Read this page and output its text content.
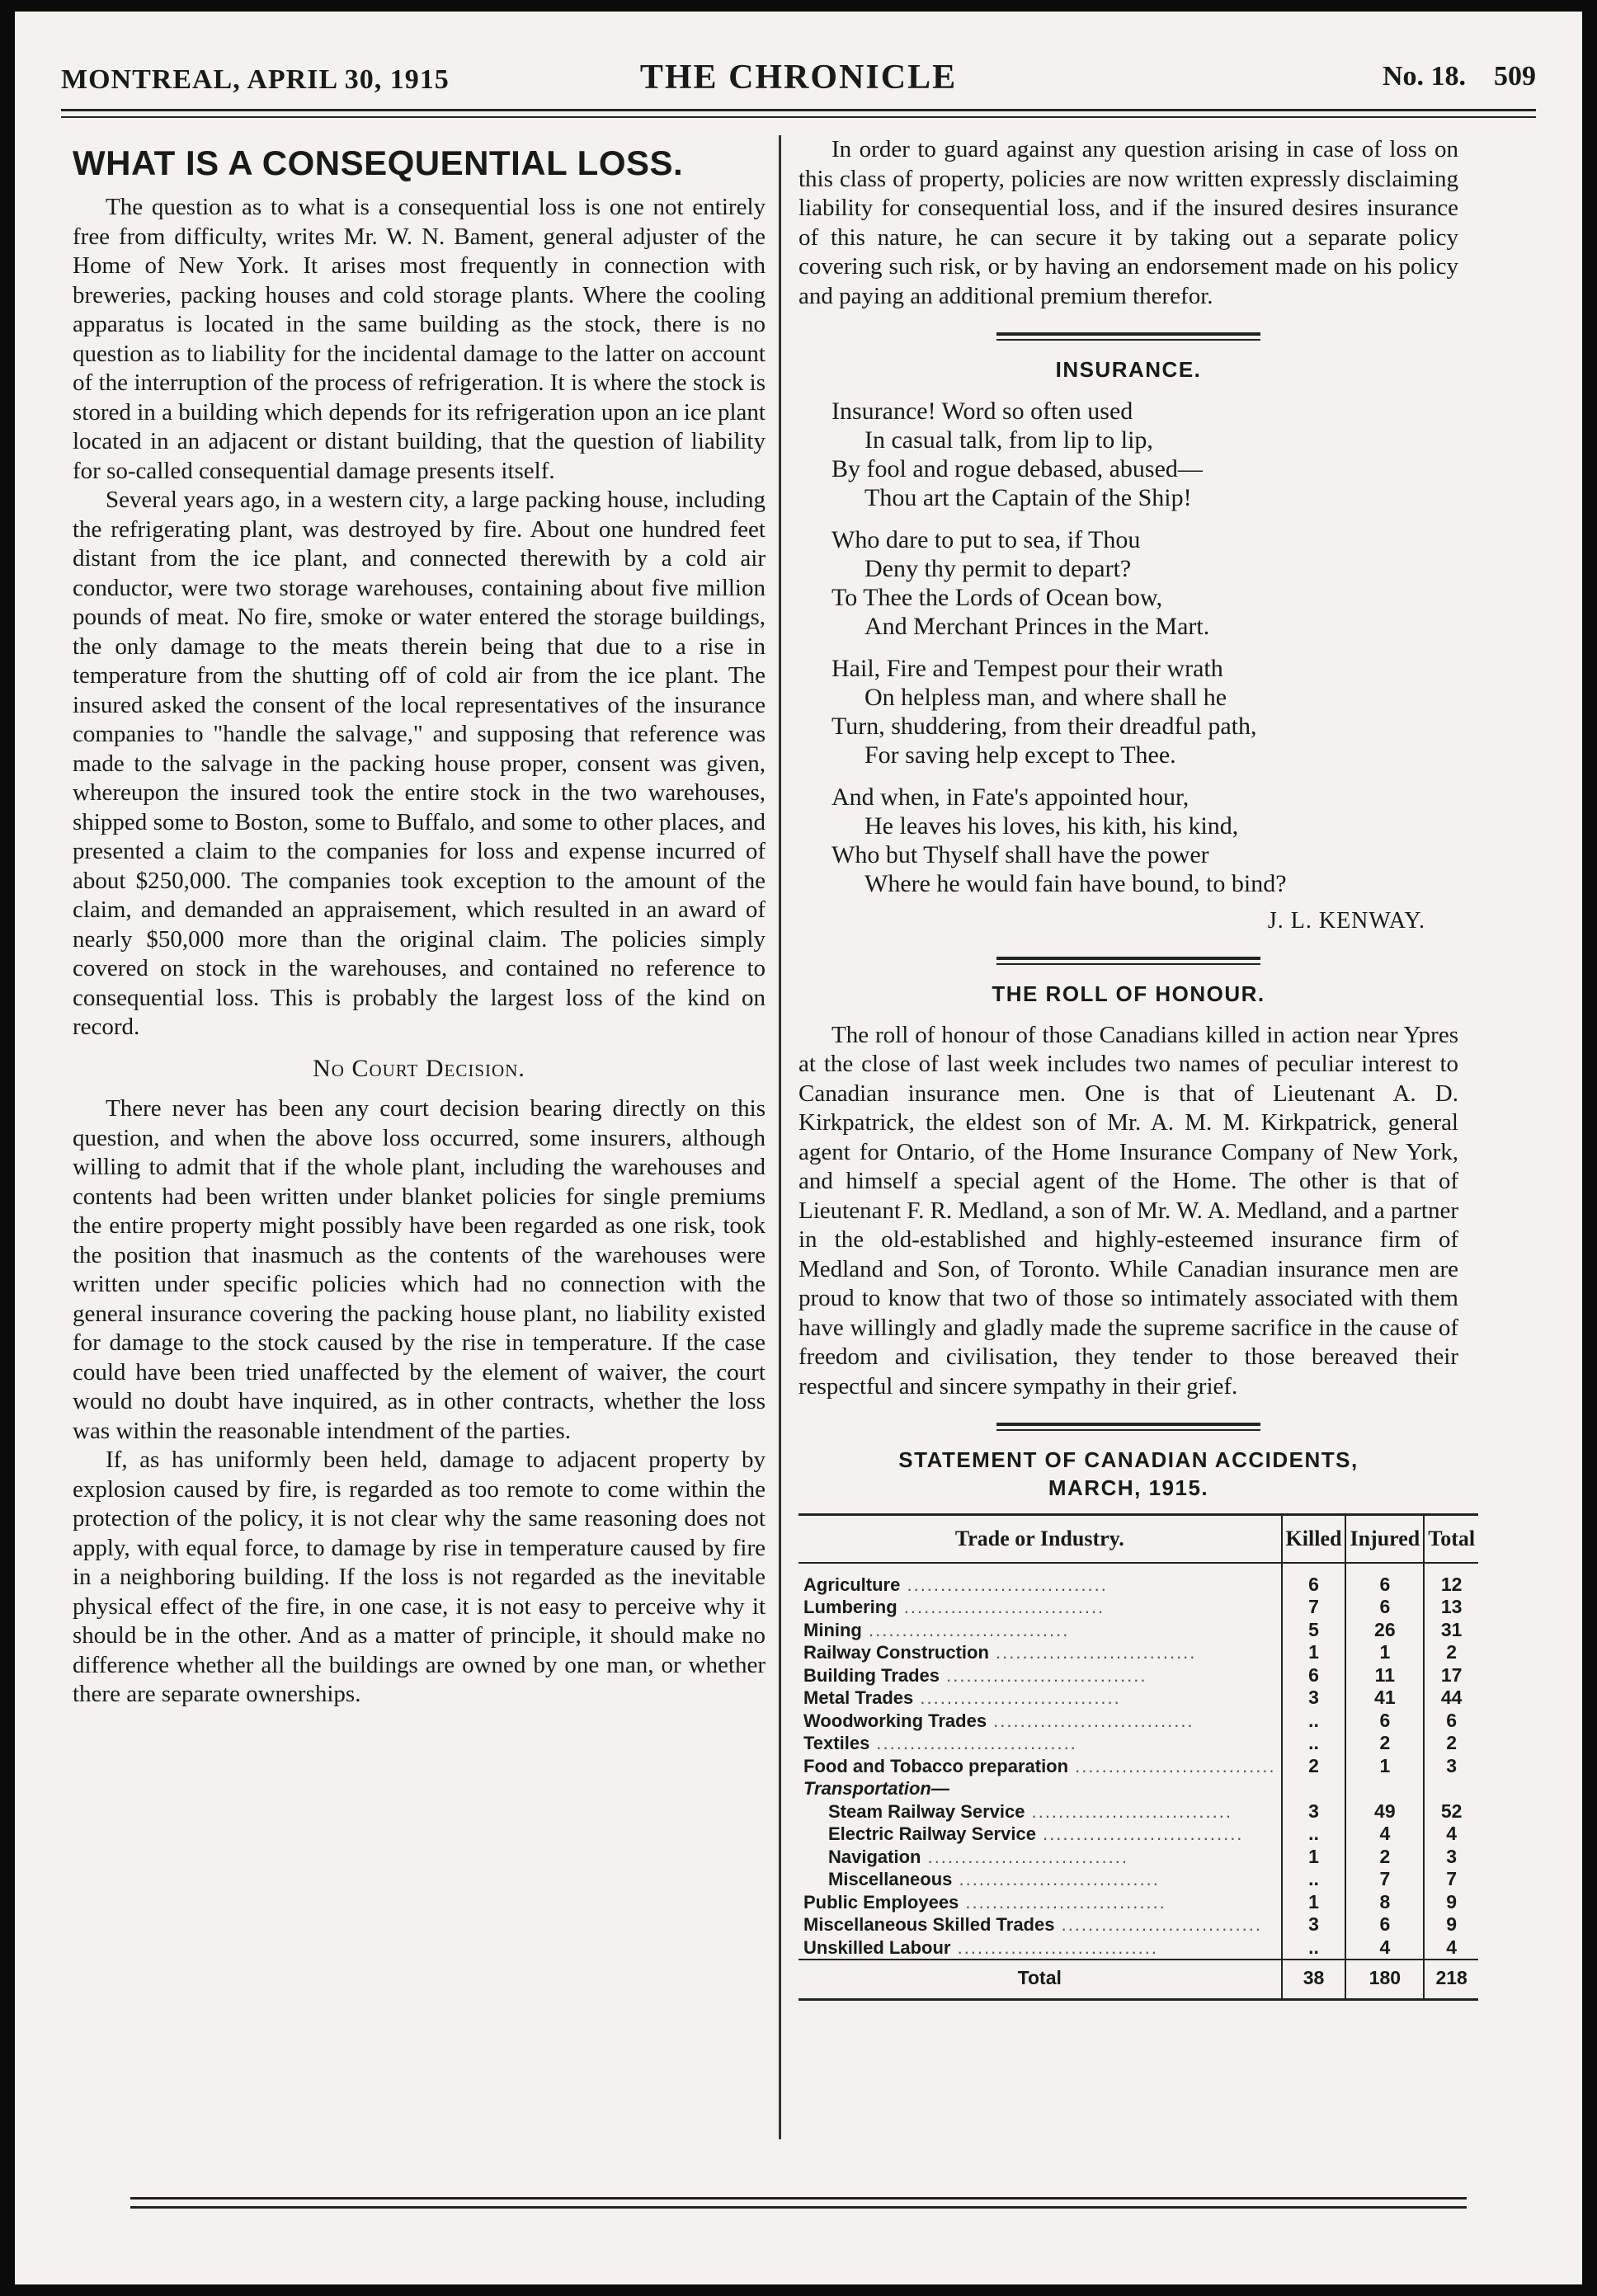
MONTREAL, APRIL 30, 1915	THE CHRONICLE	No. 18. 509
WHAT IS A CONSEQUENTIAL LOSS.

The question as to what is a consequential loss is one not entirely free from difficulty, writes Mr. W. N. Bament, general adjuster of the Home of New York. It arises most frequently in connection with breweries, packing houses and cold storage plants. Where the cooling apparatus is located in the same building as the stock, there is no question as to liability for the incidental damage to the latter on account of the interruption of the process of refrigeration. It is where the stock is stored in a building which depends for its refrigeration upon an ice plant located in an adjacent or distant building, that the question of liability for so-called consequential damage presents itself.

Several years ago, in a western city, a large packing house, including the refrigerating plant, was destroyed by fire. About one hundred feet distant from the ice plant, and connected therewith by a cold air conductor, were two storage warehouses, containing about five million pounds of meat. No fire, smoke or water entered the storage buildings, the only damage to the meats therein being that due to a rise in temperature from the shutting off of cold air from the ice plant. The insured asked the consent of the local representatives of the insurance companies to "handle the salvage," and supposing that reference was made to the salvage in the packing house proper, consent was given, whereupon the insured took the entire stock in the two warehouses, shipped some to Boston, some to Buffalo, and some to other places, and presented a claim to the companies for loss and expense incurred of about $250,000. The companies took exception to the amount of the claim, and demanded an appraisement, which resulted in an award of nearly $50,000 more than the original claim. The policies simply covered on stock in the warehouses, and contained no reference to consequential loss. This is probably the largest loss of the kind on record.

No Court Decision.

There never has been any court decision bearing directly on this question, and when the above loss occurred, some insurers, although willing to admit that if the whole plant, including the warehouses and contents had been written under blanket policies for single premiums the entire property might possibly have been regarded as one risk, took the position that inasmuch as the contents of the warehouses were written under specific policies which had no connection with the general insurance covering the packing house plant, no liability existed for damage to the stock caused by the rise in temperature. If the case could have been tried unaffected by the element of waiver, the court would no doubt have inquired, as in other contracts, whether the loss was within the reasonable intendment of the parties.

If, as has uniformly been held, damage to adjacent property by explosion caused by fire, is regarded as too remote to come within the protection of the policy, it is not clear why the same reasoning does not apply, with equal force, to damage by rise in temperature caused by fire in a neighboring building. If the loss is not regarded as the inevitable physical effect of the fire, in one case, it is not easy to perceive why it should be in the other. And as a matter of principle, it should make no difference whether all the buildings are owned by one man, or whether there are separate ownerships.

In order to guard against any question arising in case of loss on this class of property, policies are now written expressly disclaiming liability for consequential loss, and if the insured desires insurance of this nature, he can secure it by taking out a separate policy covering such risk, or by having an endorsement made on his policy and paying an additional premium therefor.

INSURANCE.
Insurance! Word so often used
In casual talk, from lip to lip,
By fool and rogue debased, abused—
Thou art the Captain of the Ship!
Who dare to put to sea, if Thou
Deny thy permit to depart?
To Thee the Lords of Ocean bow,
And Merchant Princes in the Mart.
Hail, Fire and Tempest pour their wrath
On helpless man, and where shall he
Turn, shuddering, from their dreadful path,
For saving help except to Thee.
And when, in Fate's appointed hour,
He leaves his loves, his kith, his kind,
Who but Thyself shall have the power
Where he would fain have bound, to bind?
J. L. KENWAY.
THE ROLL OF HONOUR.

The roll of honour of those Canadians killed in action near Ypres at the close of last week includes two names of peculiar interest to Canadian insurance men. One is that of Lieutenant A. D. Kirkpatrick, the eldest son of Mr. A. M. M. Kirkpatrick, general agent for Ontario, of the Home Insurance Company of New York, and himself a special agent of the Home. The other is that of Lieutenant F. R. Medland, a son of Mr. W. A. Medland, and a partner in the old-established and highly-esteemed insurance firm of Medland and Son, of Toronto. While Canadian insurance men are proud to know that two of those so intimately associated with them have willingly and gladly made the supreme sacrifice in the cause of freedom and civilisation, they tender to those bereaved their respectful and sincere sympathy in their grief.

STATEMENT OF CANADIAN ACCIDENTS,
MARCH, 1915.
Trade or Industry.	Killed	Injured	Total
Agriculture ..............................	6	6	12
Lumbering ..............................	7	6	13
Mining ..............................	5	26	31
Railway Construction ..............................	1	1	2
Building Trades ..............................	6	11	17
Metal Trades ..............................	3	41	44
Woodworking Trades ..............................	..	6	6
Textiles ..............................	..	2	2
Food and Tobacco preparation ..............................	2	1	3
Transportation—			
Steam Railway Service ..............................	3	49	52
Electric Railway Service ..............................	..	4	4
Navigation ..............................	1	2	3
Miscellaneous ..............................	..	7	7
Public Employees ..............................	1	8	9
Miscellaneous Skilled Trades ..............................	3	6	9
Unskilled Labour ..............................	..	4	4
Total	38	180	218
